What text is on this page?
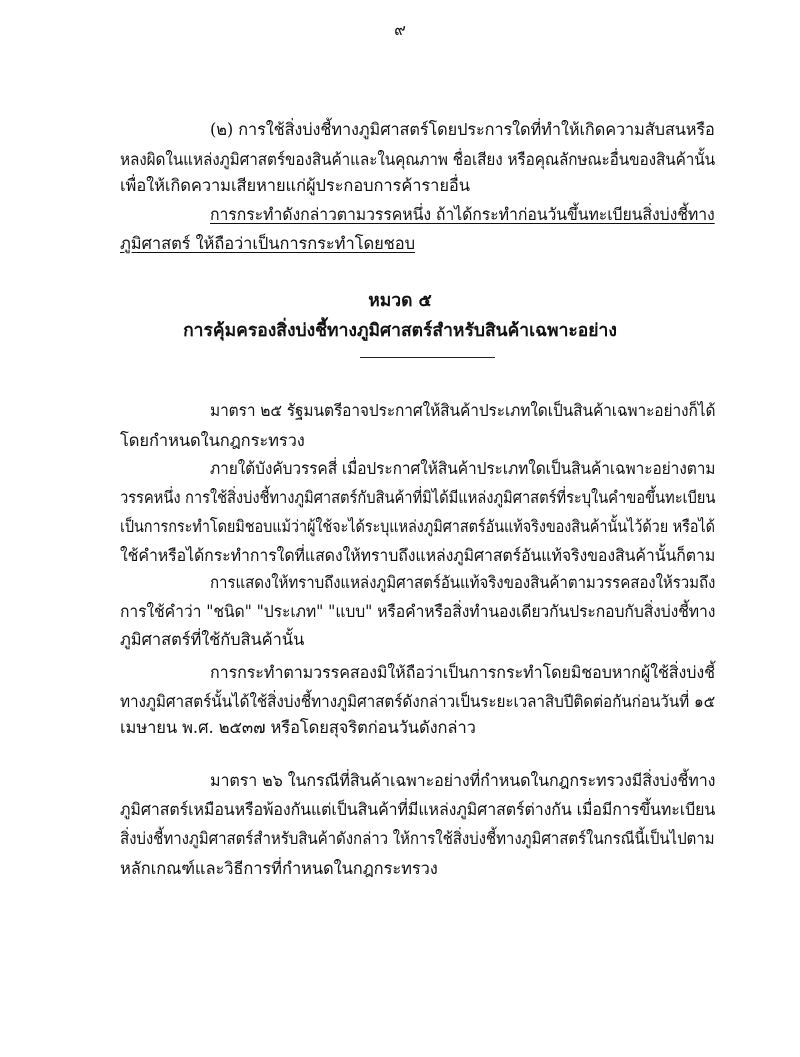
๙
(๒) การใช้สิ่งบ่งชี้ทางภูมิศาสตร์โดยประการใดที่ทำให้เกิดความสับสนหรือ
หลงผิดในแหล่งภูมิศาสตร์ของสินค้าและในคุณภาพ ชื่อเสียง หรือคุณลักษณะอื่นของสินค้านั้น
เพื่อให้เกิดความเสียหายแก่ผู้ประกอบการค้ารายอื่น
การกระทำดังกล่าวตามวรรคหนึ่ง ถ้าได้กระทำก่อนวันขึ้นทะเบียนสิ่งบ่งชี้ทาง
ภูมิศาสตร์ ให้ถือว่าเป็นการกระทำโดยชอบ
หมวด ๕
การคุ้มครองสิ่งบ่งชี้ทางภูมิศาสตร์สำหรับสินค้าเฉพาะอย่าง
มาตรา ๒๕ รัฐมนตรีอาจประกาศให้สินค้าประเภทใดเป็นสินค้าเฉพาะอย่างก็ได้
โดยกำหนดในกฎกระทรวง
ภายใต้บังคับวรรคสี่ เมื่อประกาศให้สินค้าประเภทใดเป็นสินค้าเฉพาะอย่างตาม
วรรคหนึ่ง การใช้สิ่งบ่งชี้ทางภูมิศาสตร์กับสินค้าที่มิได้มีแหล่งภูมิศาสตร์ที่ระบุในคำขอขึ้นทะเบียน
เป็นการกระทำโดยมิชอบแม้ว่าผู้ใช้จะได้ระบุแหล่งภูมิศาสตร์อันแท้จริงของสินค้านั้นไว้ด้วย หรือได้
ใช้คำหรือได้กระทำการใดที่แสดงให้ทราบถึงแหล่งภูมิศาสตร์อันแท้จริงของสินค้านั้นก็ตาม
การแสดงให้ทราบถึงแหล่งภูมิศาสตร์อันแท้จริงของสินค้าตามวรรคสองให้รวมถึง
การใช้คำว่า "ชนิด" "ประเภท" "แบบ" หรือคำหรือสิ่งทำนองเดียวกันประกอบกับสิ่งบ่งชี้ทาง
ภูมิศาสตร์ที่ใช้กับสินค้านั้น
การกระทำตามวรรคสองมิให้ถือว่าเป็นการกระทำโดยมิชอบหากผู้ใช้สิ่งบ่งชี้
ทางภูมิศาสตร์นั้นได้ใช้สิ่งบ่งชี้ทางภูมิศาสตร์ดังกล่าวเป็นระยะเวลาสิบปีติดต่อกันก่อนวันที่ ๑๕
เมษายน พ.ศ. ๒๕๓๗ หรือโดยสุจริตก่อนวันดังกล่าว
มาตรา ๒๖ ในกรณีที่สินค้าเฉพาะอย่างที่กำหนดในกฎกระทรวงมีสิ่งบ่งชี้ทาง
ภูมิศาสตร์เหมือนหรือพ้องกันแต่เป็นสินค้าที่มีแหล่งภูมิศาสตร์ต่างกัน เมื่อมีการขึ้นทะเบียน
สิ่งบ่งชี้ทางภูมิศาสตร์สำหรับสินค้าดังกล่าว ให้การใช้สิ่งบ่งชี้ทางภูมิศาสตร์ในกรณีนี้เป็นไปตาม
หลักเกณฑ์และวิธีการที่กำหนดในกฎกระทรวง
